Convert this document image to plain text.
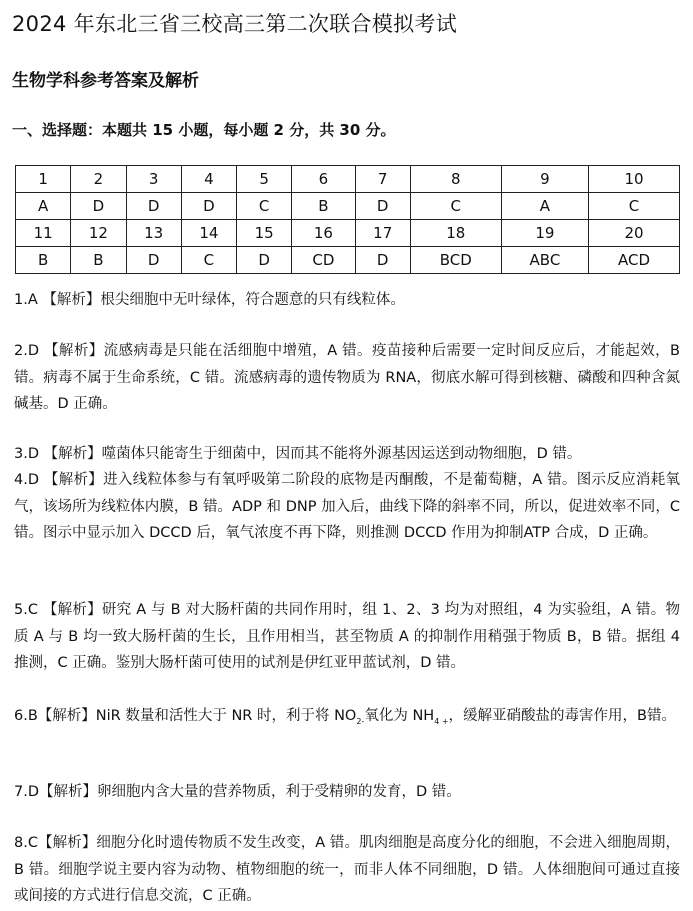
2024 年东北三省三校高三第二次联合模拟考试
生物学科参考答案及解析
一、选择题：本题共 15 小题，每小题 2 分，共 30 分。
1	2	3	4	5	6	7	8	9	10
A	D	D	D	C	B	D	C	A	C
11	12	13	14	15	16	17	18	19	20
B	B	D	C	D	CD	D	BCD	ABC	ACD
1.A 【解析】根尖细胞中无叶绿体，符合题意的只有线粒体。
2.D 【解析】流感病毒是只能在活细胞中增殖，A 错。疫苗接种后需要一定时间反应后，才能起效，B 错。病毒不属于生命系统，C 错。流感病毒的遗传物质为 RNA，彻底水解可得到核糖、磷酸和四种含氮碱基。D 正确。
3.D 【解析】噬菌体只能寄生于细菌中，因而其不能将外源基因运送到动物细胞，D 错。
4.D 【解析】进入线粒体参与有氧呼吸第二阶段的底物是丙酮酸，不是葡萄糖，A 错。图示反应消耗氧气，该场所为线粒体内膜，B 错。ADP 和 DNP 加入后，曲线下降的斜率不同，所以，促进效率不同，C 错。图示中显示加入 DCCD 后，氧气浓度不再下降，则推测 DCCD 作用为抑制ATP 合成，D 正确。
5.C 【解析】研究 A 与 B 对大肠杆菌的共同作用时，组 1、2、3 均为对照组，4 为实验组，A 错。物质 A 与 B 均一致大肠杆菌的生长，且作用相当，甚至物质 A 的抑制作用稍强于物质 B，B 错。据组 4 推测，C 正确。鉴别大肠杆菌可使用的试剂是伊红亚甲蓝试剂，D 错。
6.B【解析】NiR 数量和活性大于 NR 时，利于将 $NO_{2-}$氧化为 $NH_{4 +}$，缓解亚硝酸盐的毒害作用，B错。
7.D【解析】卵细胞内含大量的营养物质，利于受精卵的发育，D 错。
8.C【解析】细胞分化时遗传物质不发生改变，A 错。肌肉细胞是高度分化的细胞，不会进入细胞周期，B 错。细胞学说主要内容为动物、植物细胞的统一，而非人体不同细胞，D 错。人体细胞间可通过直接或间接的方式进行信息交流，C 正确。
